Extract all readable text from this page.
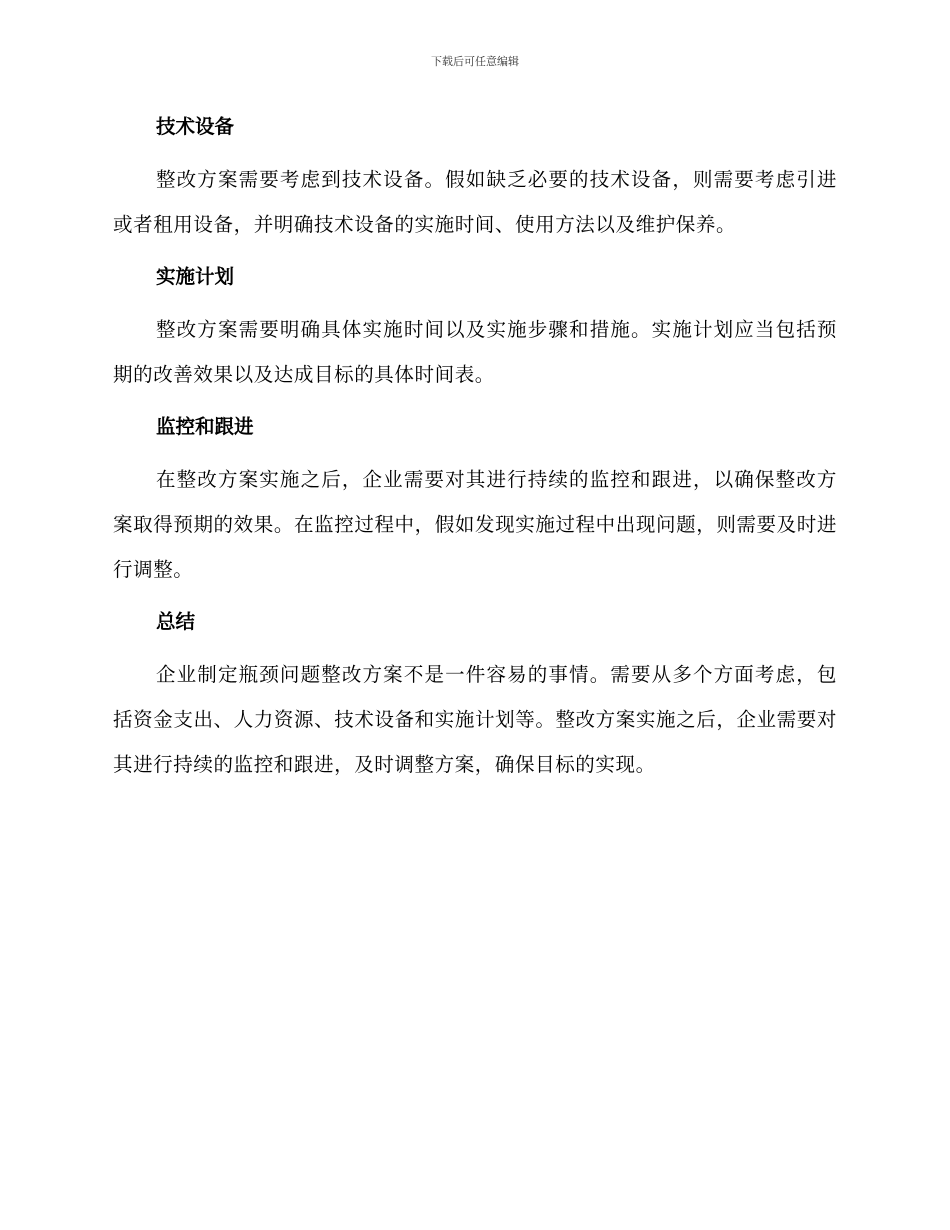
下载后可任意编辑
技术设备

整改方案需要考虑到技术设备。假如缺乏必要的技术设备，则需要考虑引进或者租用设备，并明确技术设备的实施时间、使用方法以及维护保养。

实施计划

整改方案需要明确具体实施时间以及实施步骤和措施。实施计划应当包括预期的改善效果以及达成目标的具体时间表。

监控和跟进

在整改方案实施之后，企业需要对其进行持续的监控和跟进，以确保整改方案取得预期的效果。在监控过程中，假如发现实施过程中出现问题，则需要及时进行调整。

总结

企业制定瓶颈问题整改方案不是一件容易的事情。需要从多个方面考虑，包括资金支出、人力资源、技术设备和实施计划等。整改方案实施之后，企业需要对其进行持续的监控和跟进，及时调整方案，确保目标的实现。
